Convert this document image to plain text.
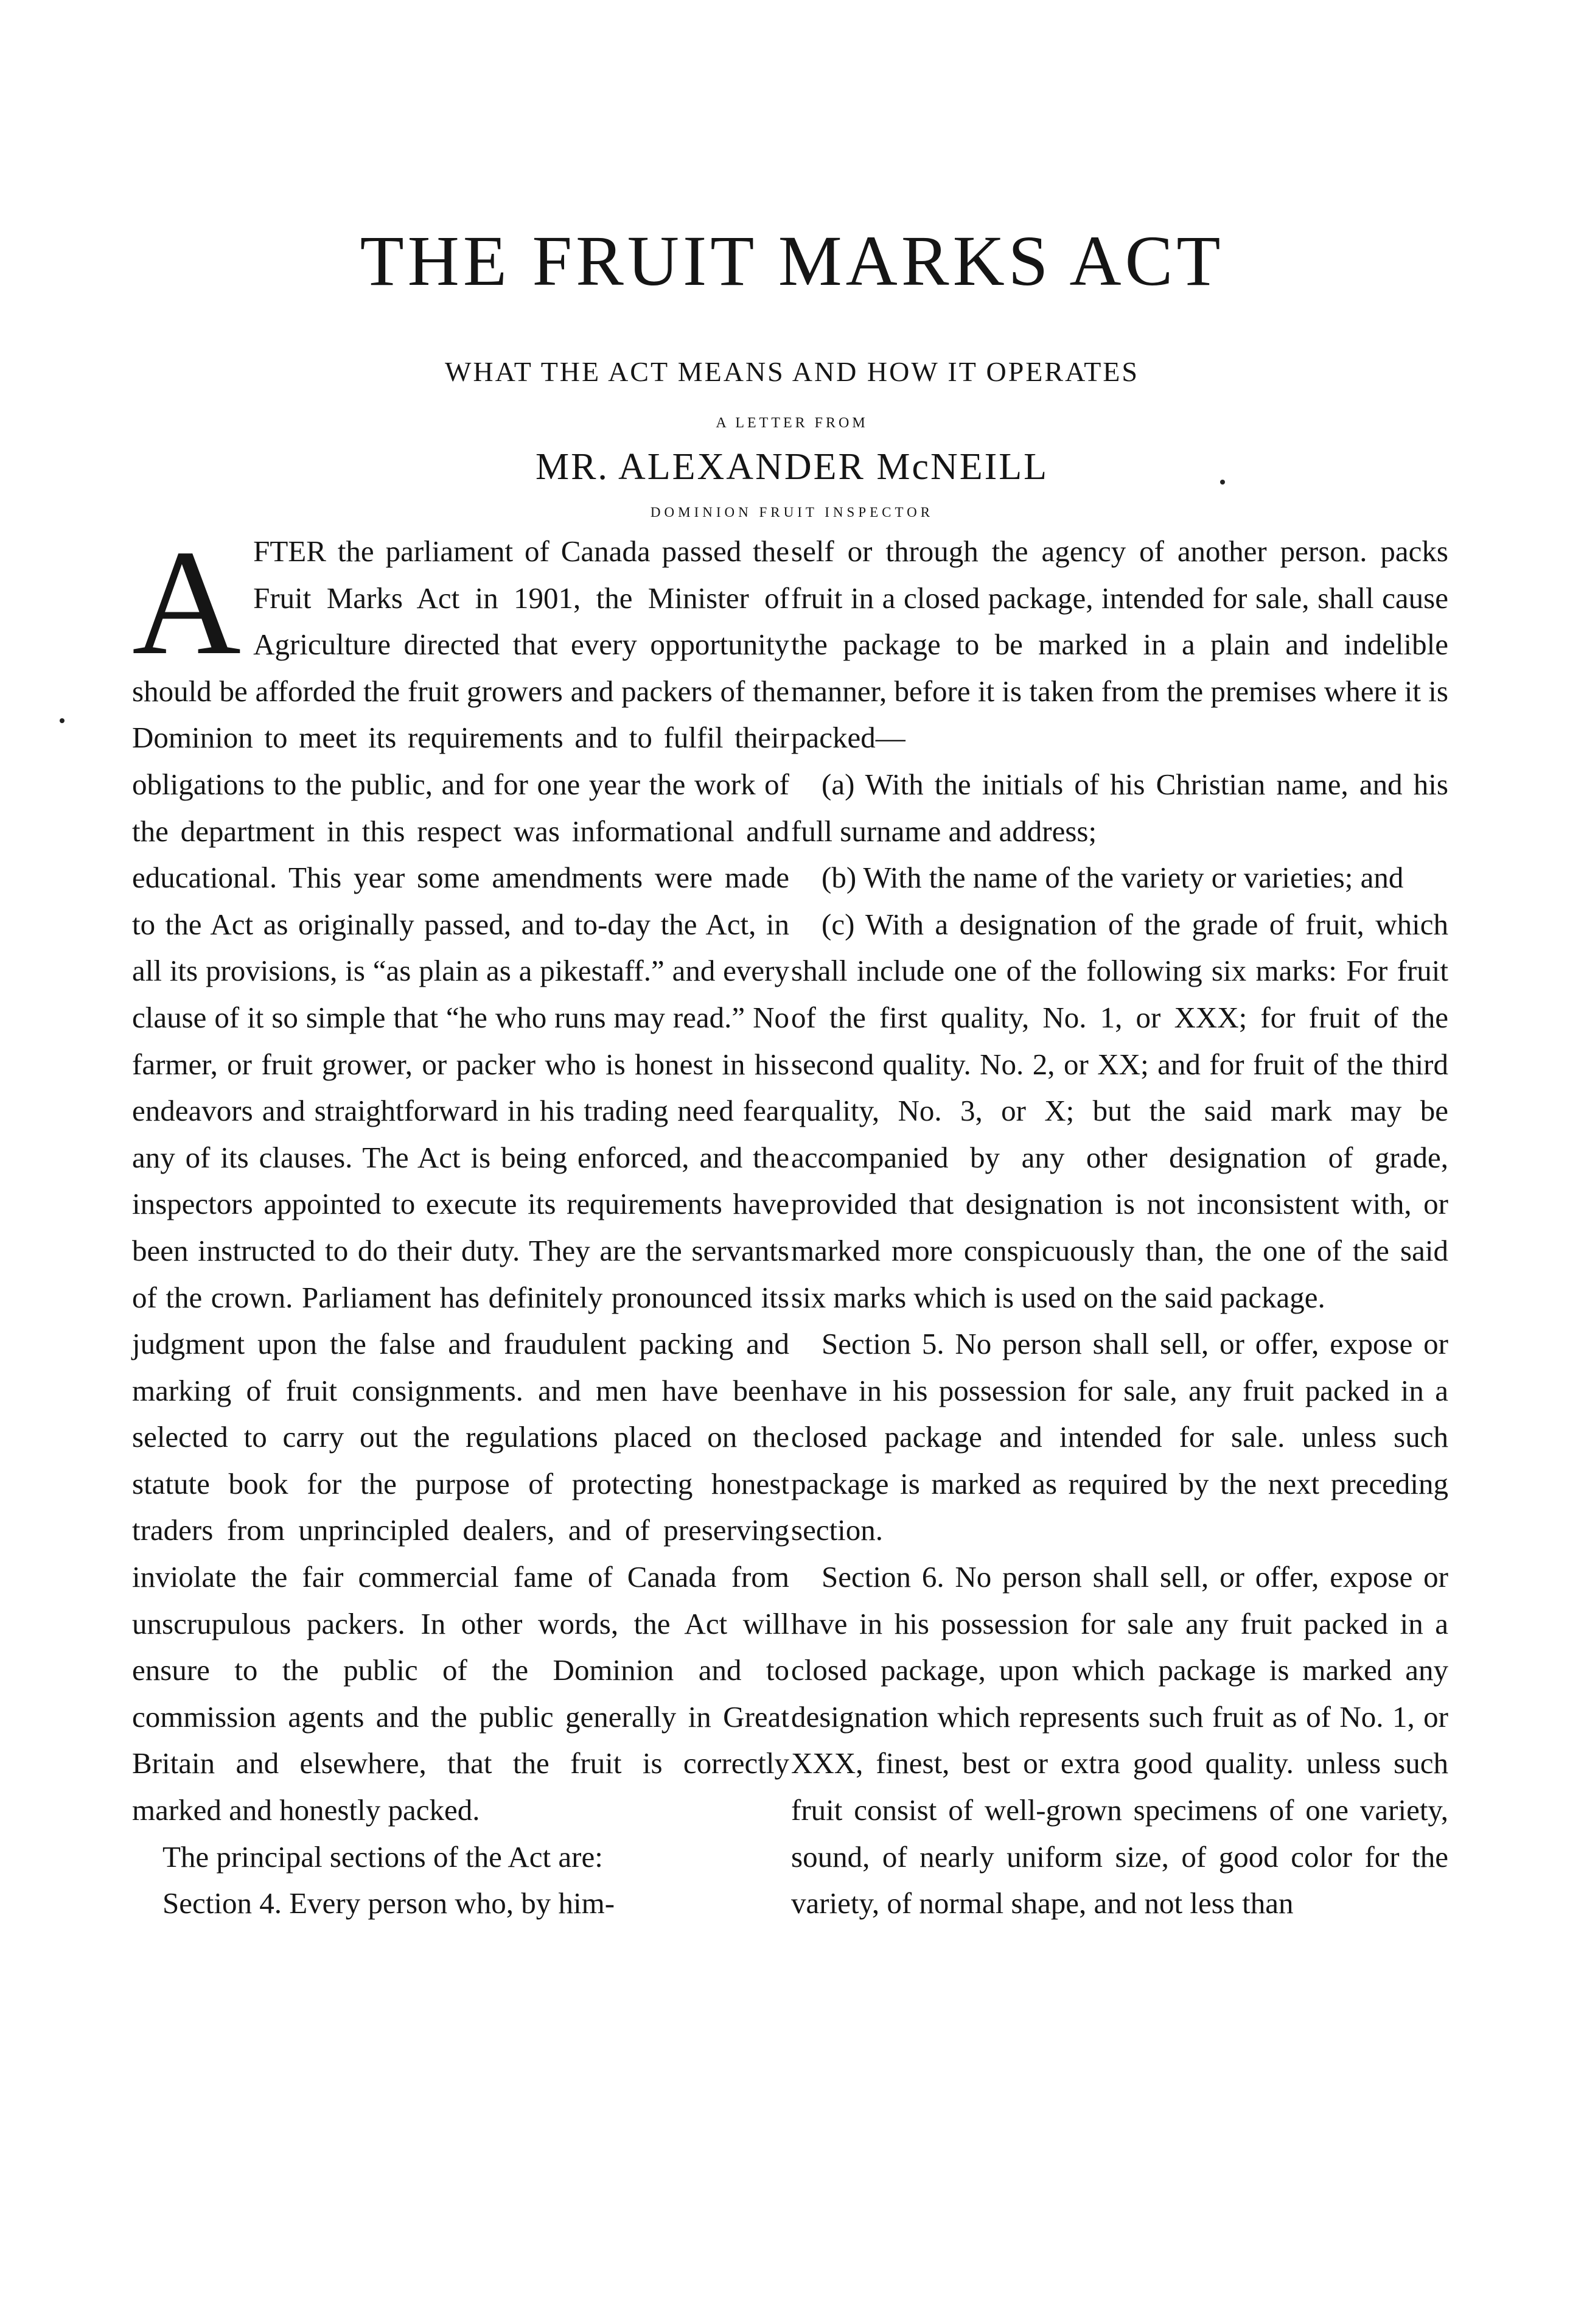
THE FRUIT MARKS ACT
WHAT THE ACT MEANS AND HOW IT OPERATES
A LETTER FROM
MR. ALEXANDER McNEILL
DOMINION FRUIT INSPECTOR

AFTER the parliament of Canada passed the Fruit Marks Act in 1901, the Minister of Agriculture directed that every opportunity should be afforded the fruit growers and packers of the Dominion to meet its requirements and to fulfil their obligations to the public, and for one year the work of the department in this respect was informational and educational. This year some amendments were made to the Act as originally passed, and to-day the Act, in all its provisions, is “as plain as a pikestaff.” and every clause of it so simple that “he who runs may read.” No farmer, or fruit grower, or packer who is honest in his endeavors and straightforward in his trading need fear any of its clauses. The Act is being enforced, and the inspectors appointed to execute its requirements have been instructed to do their duty. They are the servants of the crown. Parliament has definitely pronounced its judgment upon the false and fraudulent packing and marking of fruit consignments. and men have been selected to carry out the regulations placed on the statute book for the purpose of protecting honest traders from unprincipled dealers, and of preserving inviolate the fair commercial fame of Canada from unscrupulous packers. In other words, the Act will ensure to the public of the Dominion and to commission agents and the public generally in Great Britain and elsewhere, that the fruit is correctly marked and honestly packed.

The principal sections of the Act are:

Section 4. Every person who, by him-

self or through the agency of another person. packs fruit in a closed package, intended for sale, shall cause the package to be marked in a plain and indelible manner, before it is taken from the premises where it is packed—

(a) With the initials of his Christian name, and his full surname and address;

(b) With the name of the variety or varieties; and

(c) With a designation of the grade of fruit, which shall include one of the following six marks: For fruit of the first quality, No. 1, or XXX; for fruit of the second quality. No. 2, or XX; and for fruit of the third quality, No. 3, or X; but the said mark may be accompanied by any other designation of grade, provided that designation is not inconsistent with, or marked more conspicuously than, the one of the said six marks which is used on the said package.

Section 5. No person shall sell, or offer, expose or have in his possession for sale, any fruit packed in a closed package and intended for sale. unless such package is marked as required by the next preceding section.

Section 6. No person shall sell, or offer, expose or have in his possession for sale any fruit packed in a closed package, upon which package is marked any designation which represents such fruit as of No. 1, or XXX, finest, best or extra good quality. unless such fruit consist of well-grown specimens of one variety, sound, of nearly uniform size, of good color for the variety, of normal shape, and not less than
